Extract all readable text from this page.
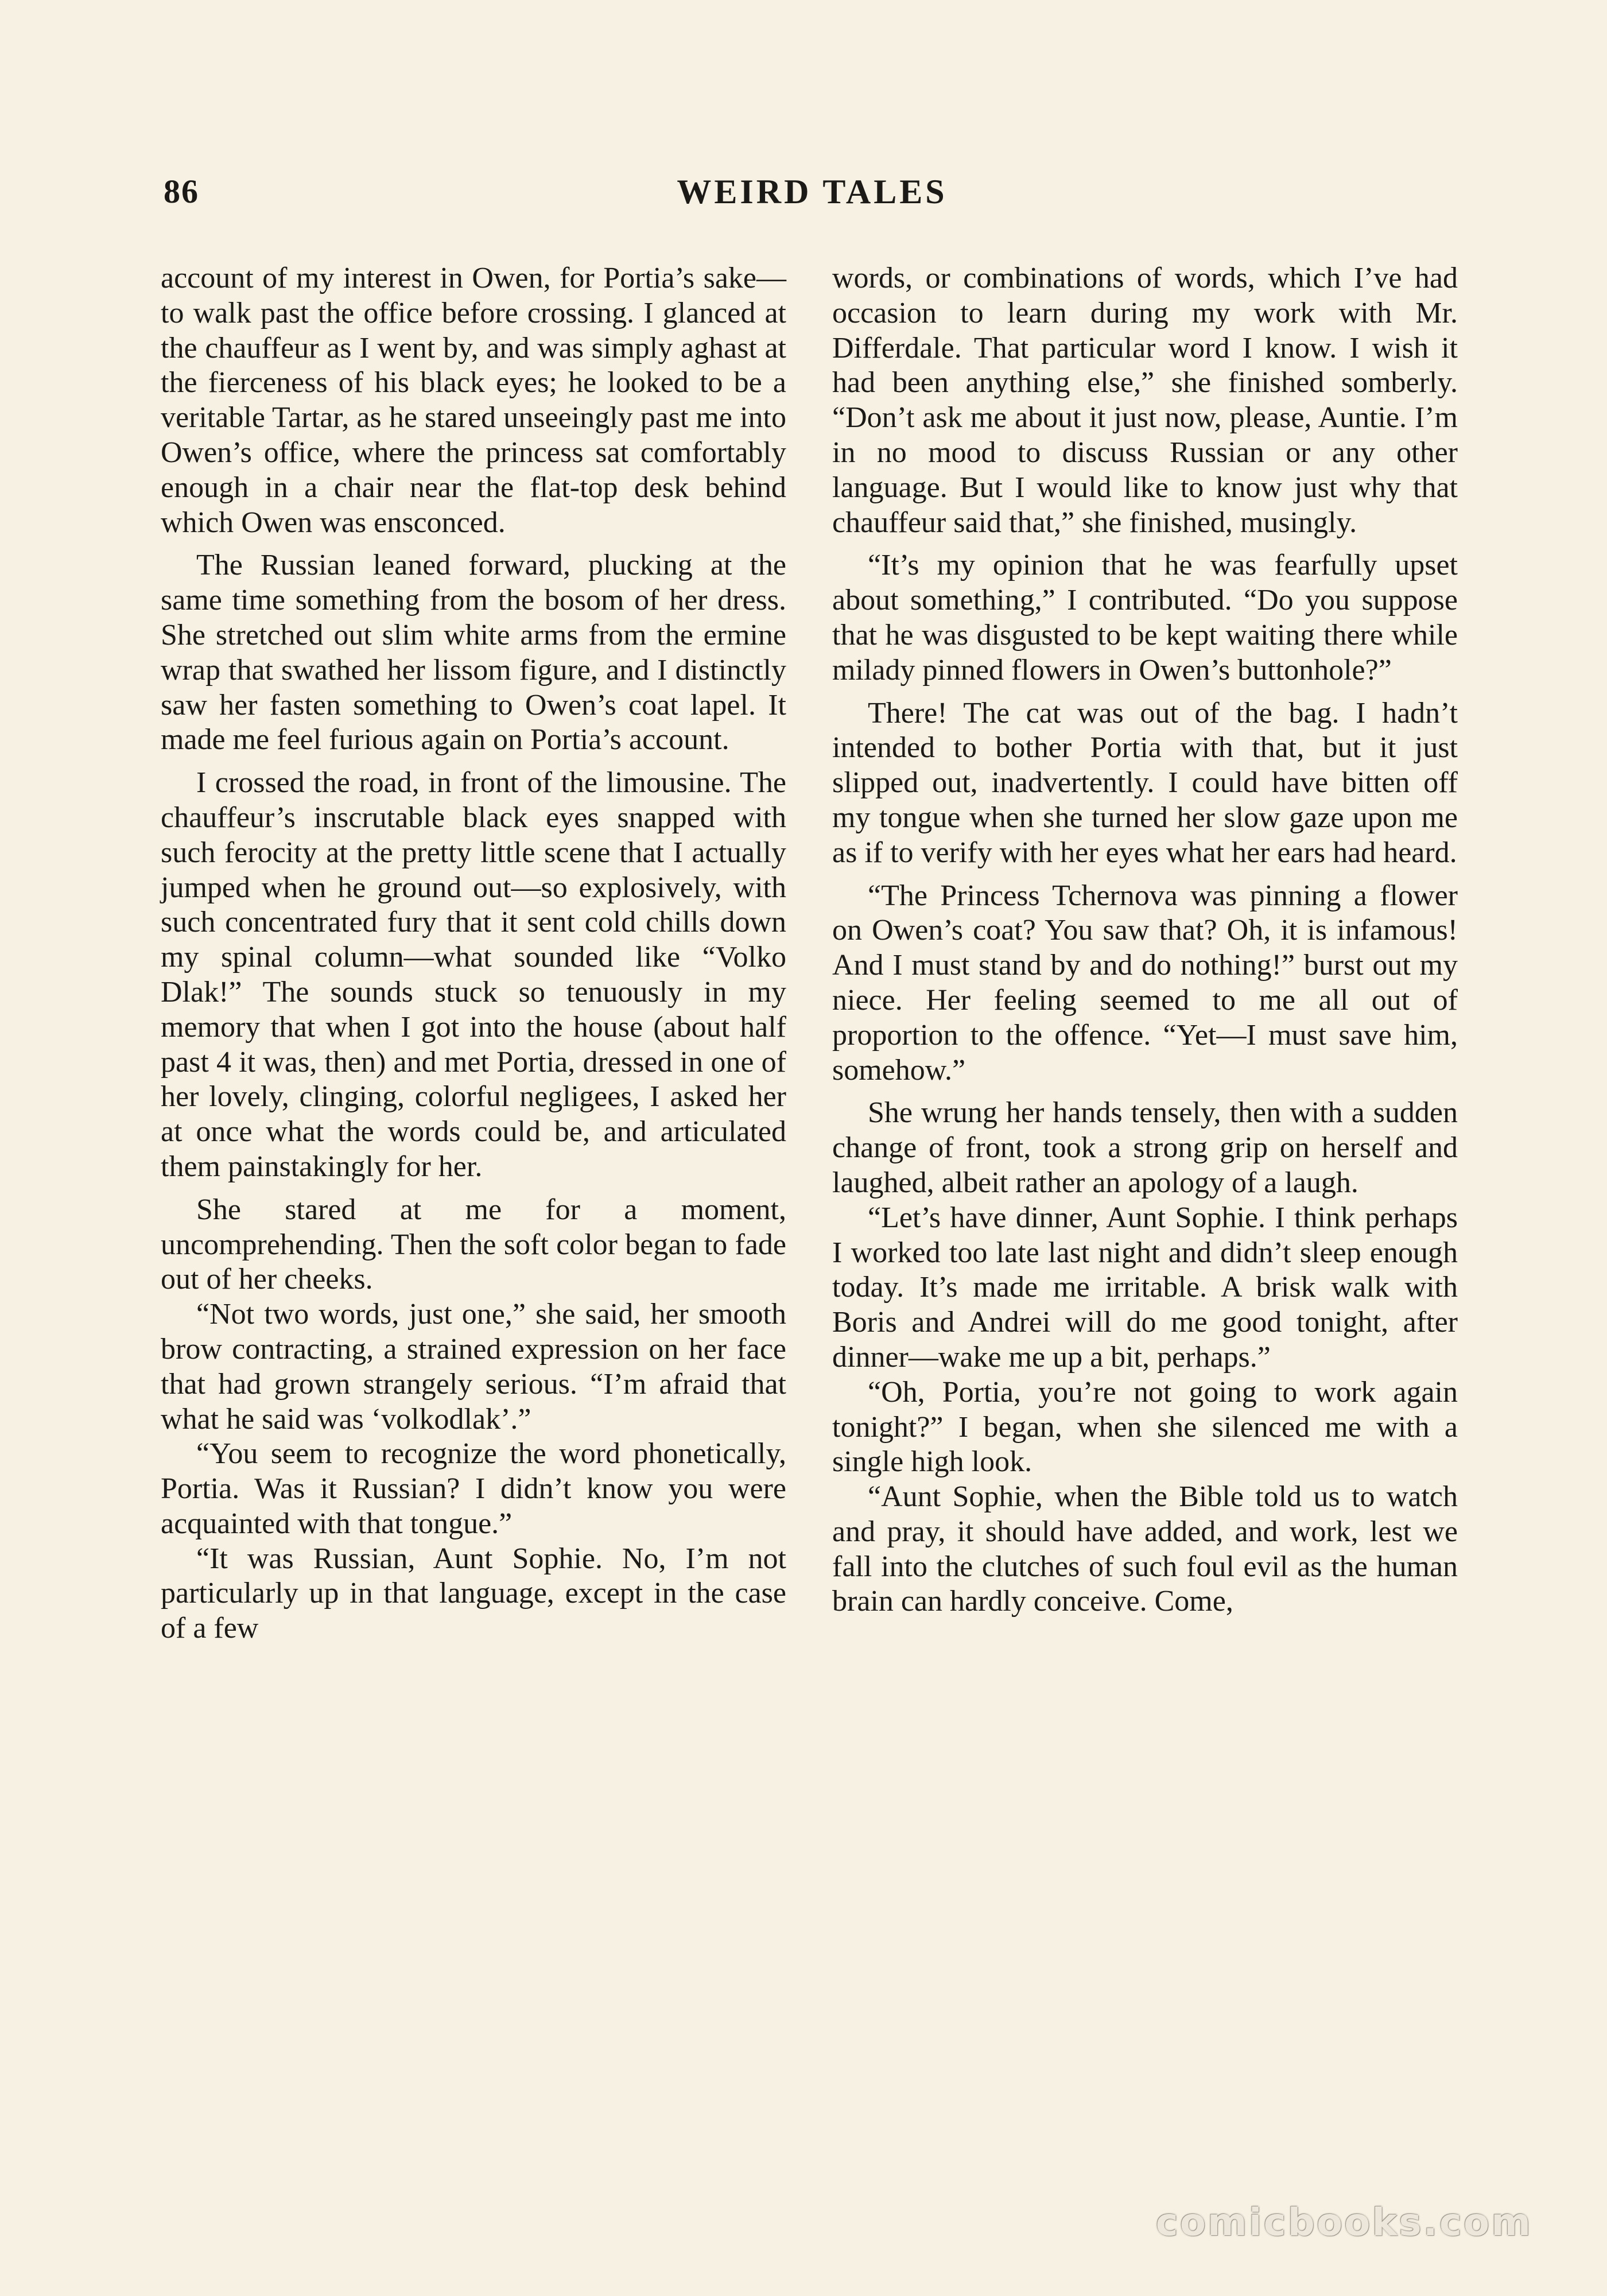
86	WEIRD TALES

account of my interest in Owen, for Portia’s sake—to walk past the office before crossing. I glanced at the chauffeur as I went by, and was simply aghast at the fierceness of his black eyes; he looked to be a veritable Tartar, as he stared unseeingly past me into Owen’s office, where the princess sat comfortably enough in a chair near the flat-top desk behind which Owen was ensconced.

The Russian leaned forward, plucking at the same time something from the bosom of her dress. She stretched out slim white arms from the ermine wrap that swathed her lissom figure, and I distinctly saw her fasten something to Owen’s coat lapel. It made me feel furious again on Portia’s account.

I crossed the road, in front of the limousine. The chauffeur’s inscrutable black eyes snapped with such ferocity at the pretty little scene that I actually jumped when he ground out—so explosively, with such concentrated fury that it sent cold chills down my spinal column—what sounded like “Volko Dlak!” The sounds stuck so tenuously in my memory that when I got into the house (about half past 4 it was, then) and met Portia, dressed in one of her lovely, clinging, colorful negligees, I asked her at once what the words could be, and articulated them painstakingly for her.

She stared at me for a moment, uncomprehending. Then the soft color began to fade out of her cheeks.

“Not two words, just one,” she said, her smooth brow contracting, a strained expression on her face that had grown strangely serious. “I’m afraid that what he said was ‘volkodlak’.”

“You seem to recognize the word phonetically, Portia. Was it Russian? I didn’t know you were acquainted with that tongue.”

“It was Russian, Aunt Sophie. No, I’m not particularly up in that language, except in the case of a few

words, or combinations of words, which I’ve had occasion to learn during my work with Mr. Differdale. That particular word I know. I wish it had been anything else,” she finished somberly. “Don’t ask me about it just now, please, Auntie. I’m in no mood to discuss Russian or any other language. But I would like to know just why that chauffeur said that,” she finished, musingly.

“It’s my opinion that he was fearfully upset about something,” I contributed. “Do you suppose that he was disgusted to be kept waiting there while milady pinned flowers in Owen’s buttonhole?”

There! The cat was out of the bag. I hadn’t intended to bother Portia with that, but it just slipped out, inadvertently. I could have bitten off my tongue when she turned her slow gaze upon me as if to verify with her eyes what her ears had heard.

“The Princess Tchernova was pinning a flower on Owen’s coat? You saw that? Oh, it is infamous! And I must stand by and do nothing!” burst out my niece. Her feeling seemed to me all out of proportion to the offence. “Yet—I must save him, somehow.”

She wrung her hands tensely, then with a sudden change of front, took a strong grip on herself and laughed, albeit rather an apology of a laugh.

“Let’s have dinner, Aunt Sophie. I think perhaps I worked too late last night and didn’t sleep enough today. It’s made me irritable. A brisk walk with Boris and Andrei will do me good tonight, after dinner—wake me up a bit, perhaps.”

“Oh, Portia, you’re not going to work again tonight?” I began, when she silenced me with a single high look.

“Aunt Sophie, when the Bible told us to watch and pray, it should have added, and work, lest we fall into the clutches of such foul evil as the human brain can hardly conceive. Come,

comicbooks.com
